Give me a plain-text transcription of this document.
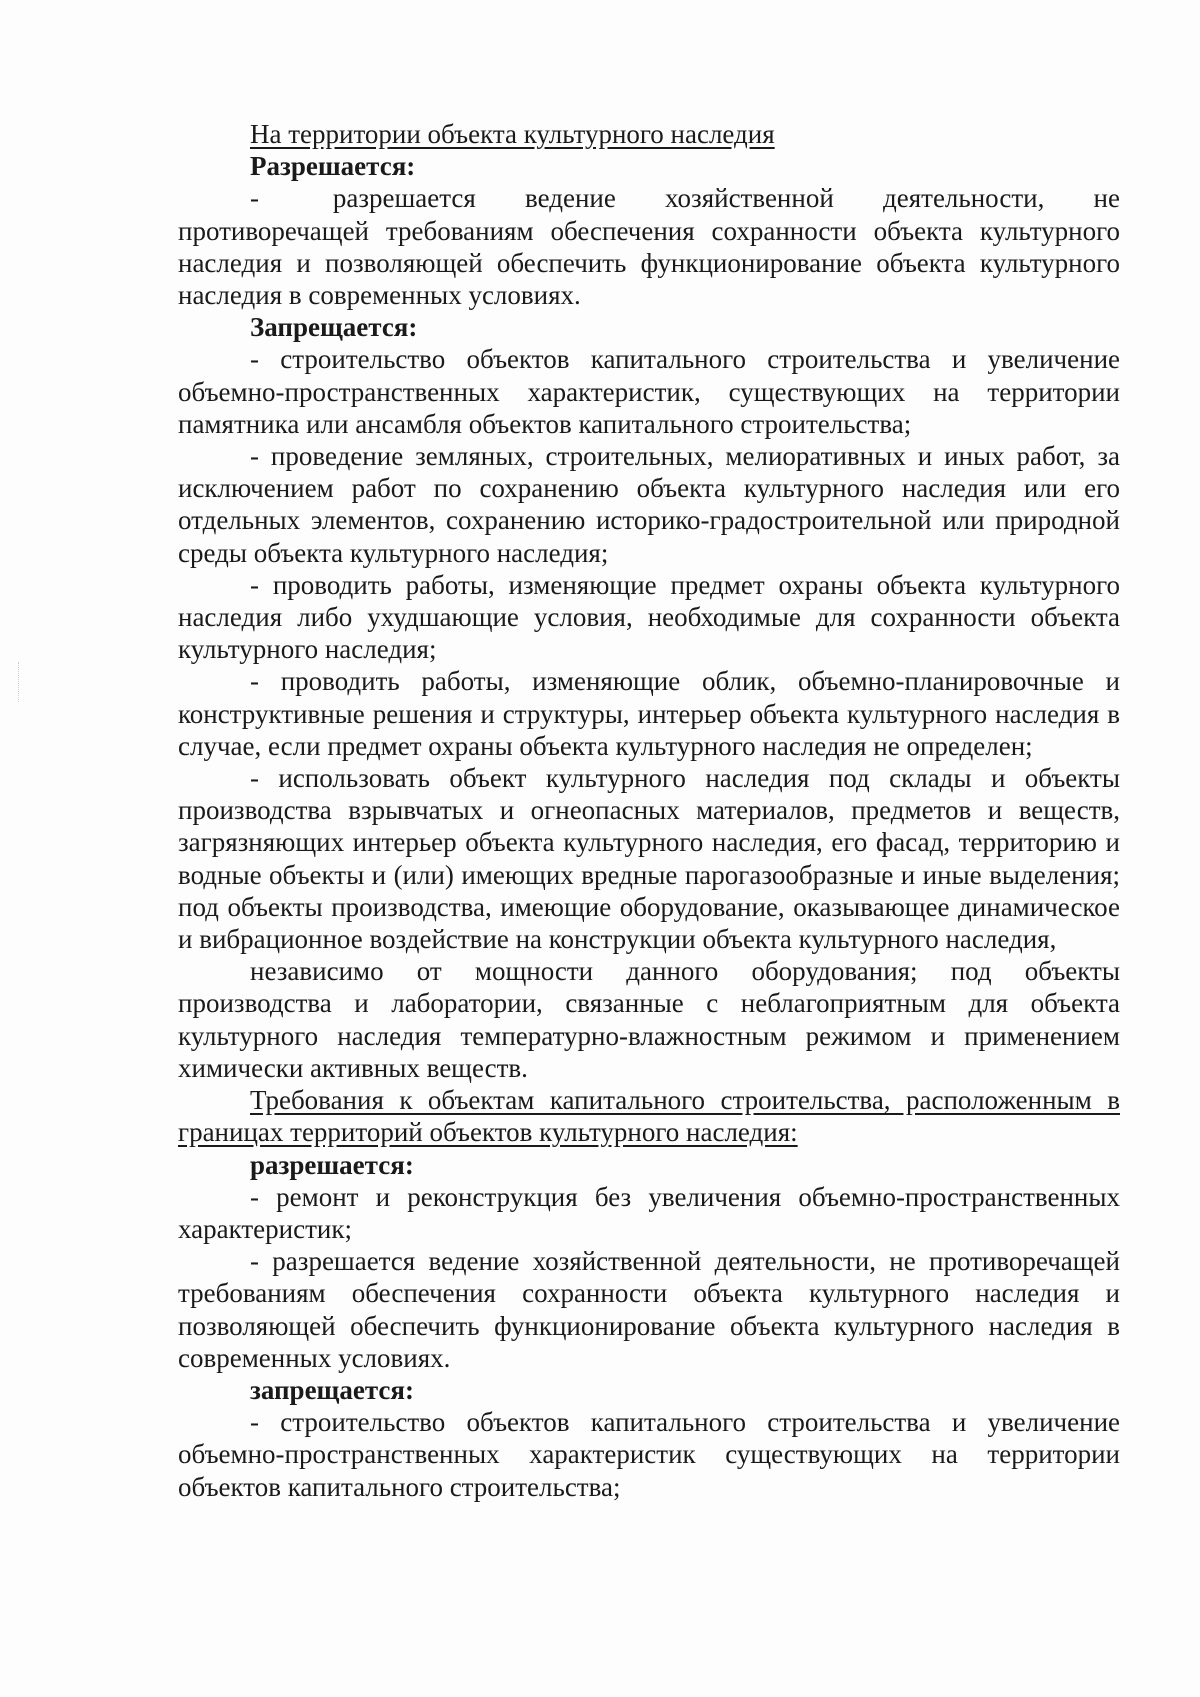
На территории объекта культурного наследия

Разрешается:

-      разрешается    ведение    хозяйственной    деятельности,    не противоречащей требованиям обеспечения сохранности объекта культурного наследия и позволяющей обеспечить функционирование объекта культурного наследия в современных условиях.

Запрещается:

- строительство объектов капитального строительства и увеличение объемно-пространственных характеристик, существующих на территории памятника или ансамбля объектов капитального строительства;

- проведение земляных, строительных, мелиоративных и иных работ, за исключением работ по сохранению объекта культурного наследия или его отдельных элементов, сохранению историко-градостроительной или природной среды объекта культурного наследия;

- проводить работы, изменяющие предмет охраны объекта культурного наследия либо ухудшающие условия, необходимые для сохранности объекта культурного наследия;

- проводить работы, изменяющие облик, объемно-планировочные и конструктивные решения и структуры, интерьер объекта культурного наследия в случае, если предмет охраны объекта культурного наследия не определен;

- использовать объект культурного наследия под склады и объекты производства взрывчатых и огнеопасных материалов, предметов и веществ, загрязняющих интерьер объекта культурного наследия, его фасад, территорию и водные объекты и (или) имеющих вредные парогазообразные и иные выделения; под объекты производства, имеющие оборудование, оказывающее динамическое и вибрационное воздействие на конструкции объекта культурного наследия,

независимо от мощности данного оборудования; под объекты производства и лаборатории, связанные с неблагоприятным для объекта культурного наследия температурно-влажностным режимом и применением химически активных веществ.

Требования к объектам капитального строительства, расположенным в границах территорий объектов культурного наследия:

разрешается:

- ремонт и реконструкция без увеличения объемно-пространственных характеристик;

- разрешается ведение хозяйственной деятельности, не противоречащей требованиям обеспечения сохранности объекта культурного наследия и позволяющей обеспечить функционирование объекта культурного наследия в современных условиях.

запрещается:

- строительство объектов капитального строительства и увеличение объемно-пространственных характеристик существующих на территории объектов капитального строительства;
